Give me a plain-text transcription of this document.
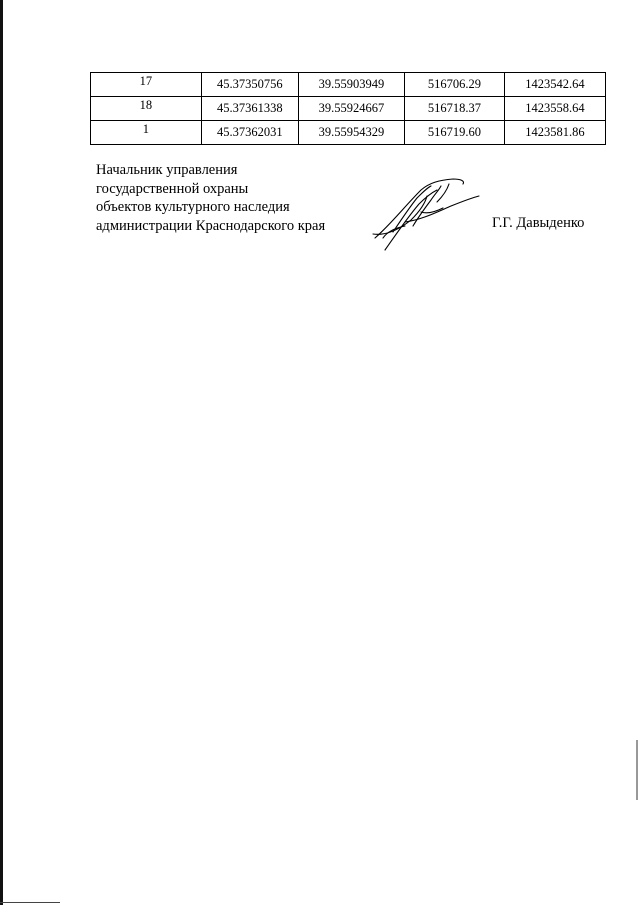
17	45.37350756	39.55903949	516706.29	1423542.64
18	45.37361338	39.55924667	516718.37	1423558.64
1	45.37362031	39.55954329	516719.60	1423581.86
Начальник управления
государственной охраны
объектов культурного наследия
администрации Краснодарского края	Г.Г. Давыденко
